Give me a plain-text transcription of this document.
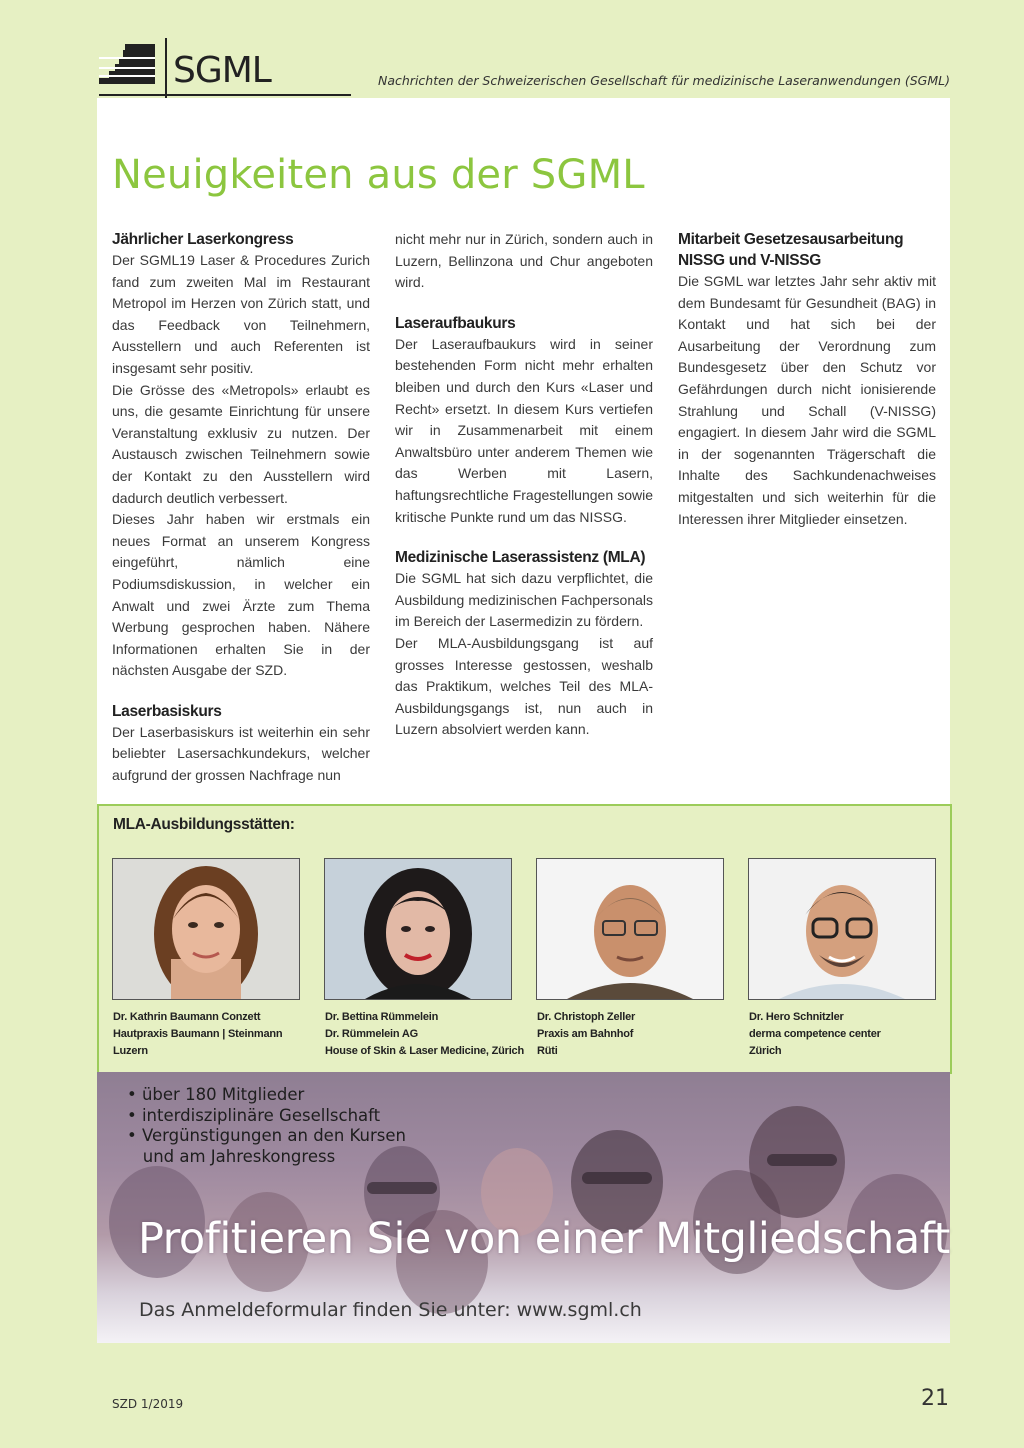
SGML	Nachrichten der Schweizerischen Gesellschaft für medizinische Laseranwendungen (SGML)
Neuigkeiten aus der SGML
Jährlicher Laserkongress

Der SGML19 Laser & Procedures Zurich fand zum zweiten Mal im Restaurant Metropol im Herzen von Zürich statt, und das Feedback von Teilnehmern, Ausstellern und auch Referenten ist insgesamt sehr positiv.

Die Grösse des «Metropols» erlaubt es uns, die gesamte Einrichtung für unsere Veranstaltung exklusiv zu nutzen. Der Austausch zwischen Teilnehmern sowie der Kontakt zu den Ausstellern wird dadurch deutlich verbessert.

Dieses Jahr haben wir erstmals ein neues Format an unserem Kongress eingeführt, nämlich eine Podiumsdiskussion, in welcher ein Anwalt und zwei Ärzte zum Thema Werbung gesprochen haben. Nähere Informationen erhalten Sie in der nächsten Ausgabe der SZD.

Laserbasiskurs

Der Laserbasiskurs ist weiterhin ein sehr beliebter Lasersachkundekurs, welcher aufgrund der grossen Nachfrage nun

nicht mehr nur in Zürich, sondern auch in Luzern, Bellinzona und Chur angeboten wird.

Laseraufbaukurs

Der Laseraufbaukurs wird in seiner bestehenden Form nicht mehr erhalten bleiben und durch den Kurs «Laser und Recht» ersetzt. In diesem Kurs vertiefen wir in Zusammenarbeit mit einem Anwaltsbüro unter anderem Themen wie das Werben mit Lasern, haftungsrechtliche Fragestellungen sowie kritische Punkte rund um das NISSG.

Medizinische Laserassistenz (MLA)

Die SGML hat sich dazu verpflichtet, die Ausbildung medizinischen Fachpersonals im Bereich der Lasermedizin zu fördern.

Der MLA-Ausbildungsgang ist auf grosses Interesse gestossen, weshalb das Praktikum, welches Teil des MLA-Ausbildungsgangs ist, nun auch in Luzern absolviert werden kann.

Mitarbeit Gesetzesausarbeitung
NISSG und V-NISSG

Die SGML war letztes Jahr sehr aktiv mit dem Bundesamt für Gesundheit (BAG) in Kontakt und hat sich bei der Ausarbeitung der Verordnung zum Bundesgesetz über den Schutz vor Gefährdungen durch nicht ionisierende Strahlung und Schall (V-NISSG) engagiert. In diesem Jahr wird die SGML in der sogenannten Trägerschaft die Inhalte des Sachkundenachweises mitgestalten und sich weiterhin für die Interessen ihrer Mitglieder einsetzen.

MLA-Ausbildungsstätten:
Dr. Kathrin Baumann Conzett
Hautpraxis Baumann | Steinmann
Luzern
Dr. Bettina Rümmelein
Dr. Rümmelein AG
House of Skin & Laser Medicine, Zürich
Dr. Christoph Zeller
Praxis am Bahnhof
Rüti
Dr. Hero Schnitzler
derma competence center
Zürich
• über 180 Mitglieder
• interdisziplinäre Gesellschaft
• Vergünstigungen an den Kursen
und am Jahreskongress
Profitieren Sie von einer Mitgliedschaft
Das Anmeldeformular finden Sie unter: www.sgml.ch
SZD 1/2019	21
